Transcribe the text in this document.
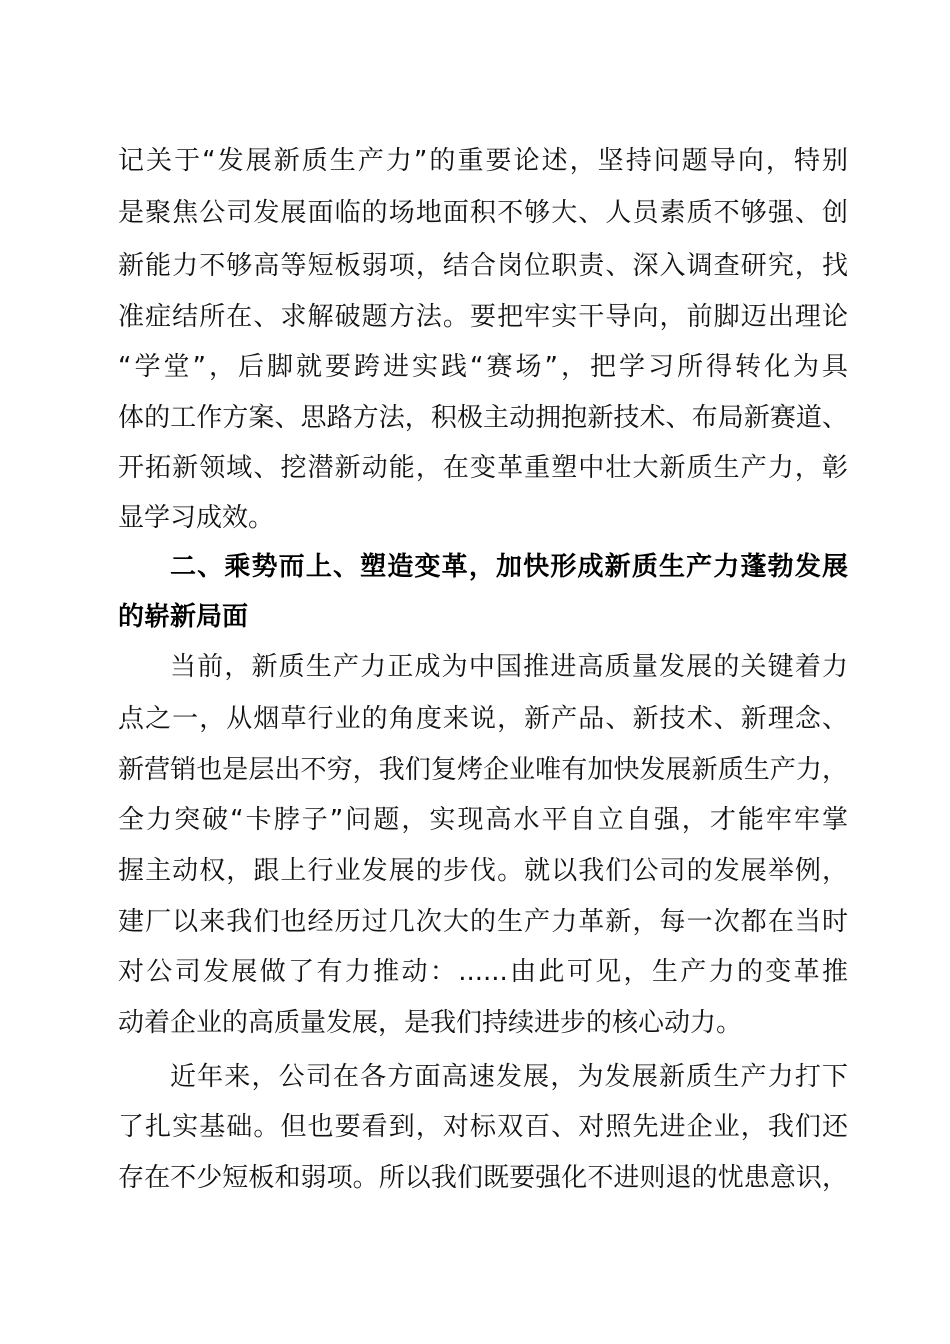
记关于“发展新质生产力”的重要论述，坚持问题导向，特别
是聚焦公司发展面临的场地面积不够大、人员素质不够强、创
新能力不够高等短板弱项，结合岗位职责、深入调查研究，找
准症结所在、求解破题方法。要把牢实干导向，前脚迈出理论
“学堂”，后脚就要跨进实践“赛场”，把学习所得转化为具
体的工作方案、思路方法，积极主动拥抱新技术、布局新赛道、
开拓新领域、挖潜新动能，在变革重塑中壮大新质生产力，彰
显学习成效。
二、乘势而上、塑造变革，加快形成新质生产力蓬勃发展
的崭新局面
当前，新质生产力正成为中国推进高质量发展的关键着力
点之一，从烟草行业的角度来说，新产品、新技术、新理念、
新营销也是层出不穷，我们复烤企业唯有加快发展新质生产力，
全力突破“卡脖子”问题，实现高水平自立自强，才能牢牢掌
握主动权，跟上行业发展的步伐。就以我们公司的发展举例，
建厂以来我们也经历过几次大的生产力革新，每一次都在当时
对公司发展做了有力推动：......由此可见，生产力的变革推
动着企业的高质量发展，是我们持续进步的核心动力。
近年来，公司在各方面高速发展，为发展新质生产力打下
了扎实基础。但也要看到，对标双百、对照先进企业，我们还
存在不少短板和弱项。所以我们既要强化不进则退的忧患意识，
